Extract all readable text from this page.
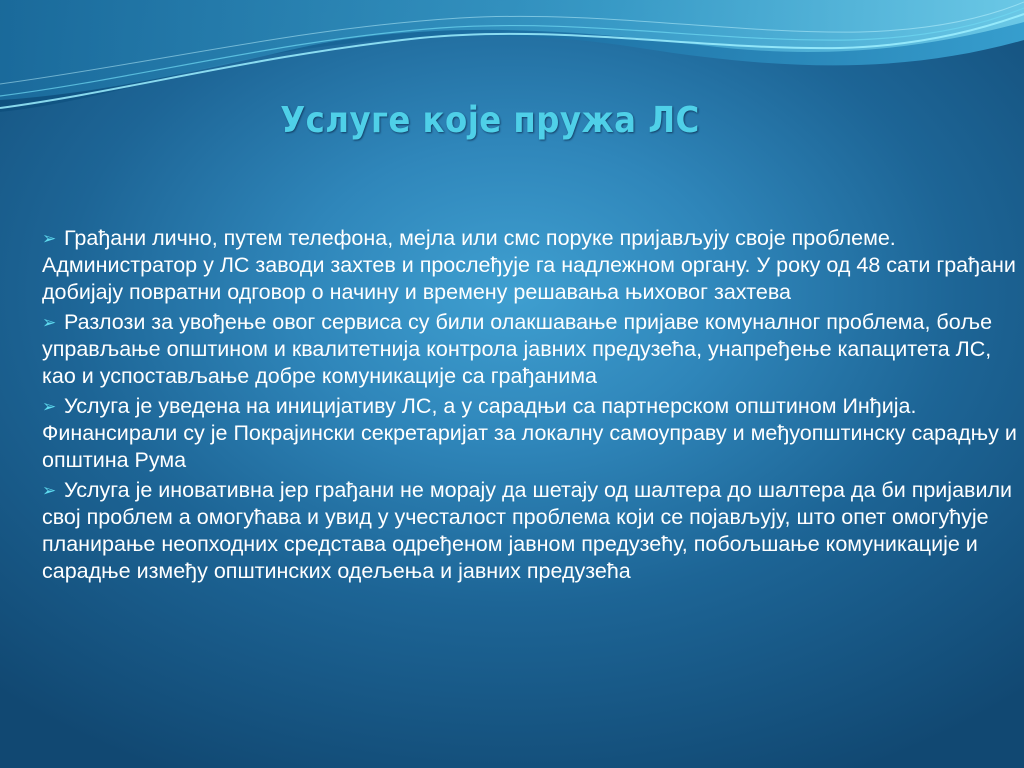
Услуге које пружа ЛС
➢ Грађани лично, путем телефона, мејла или смс поруке пријављују своје проблеме. Администратор у ЛС заводи захтев и прослеђује га надлежном органу. У року од 48 сати грађани добијају повратни одговор о начину и времену решавања њиховог захтева
➢ Разлози за увођење овог сервиса су били олакшавање пријаве комуналног проблема, боље управљање општином и квалитетнија контрола јавних предузећа, унапређење капацитета ЛС, као и успостављање добре комуникације са грађанима
➢ Услуга је уведена на иницијативу ЛС, а у сарадњи са партнерском општином Инђија. Финансирали су је Покрајински секретаријат за локалну самоуправу и међуопштинску сарадњу и општина Рума
➢ Услуга је иновативна јер грађани не морају да шетају од шалтера до шалтера да би пријавили свој проблем а омогућава и увид у учесталост проблема који се појављују, што опет омогућује планирање неопходних средстава одређеном јавном предузећу, побољшање комуникације и сарадње између општинских одељења и јавних предузећа
